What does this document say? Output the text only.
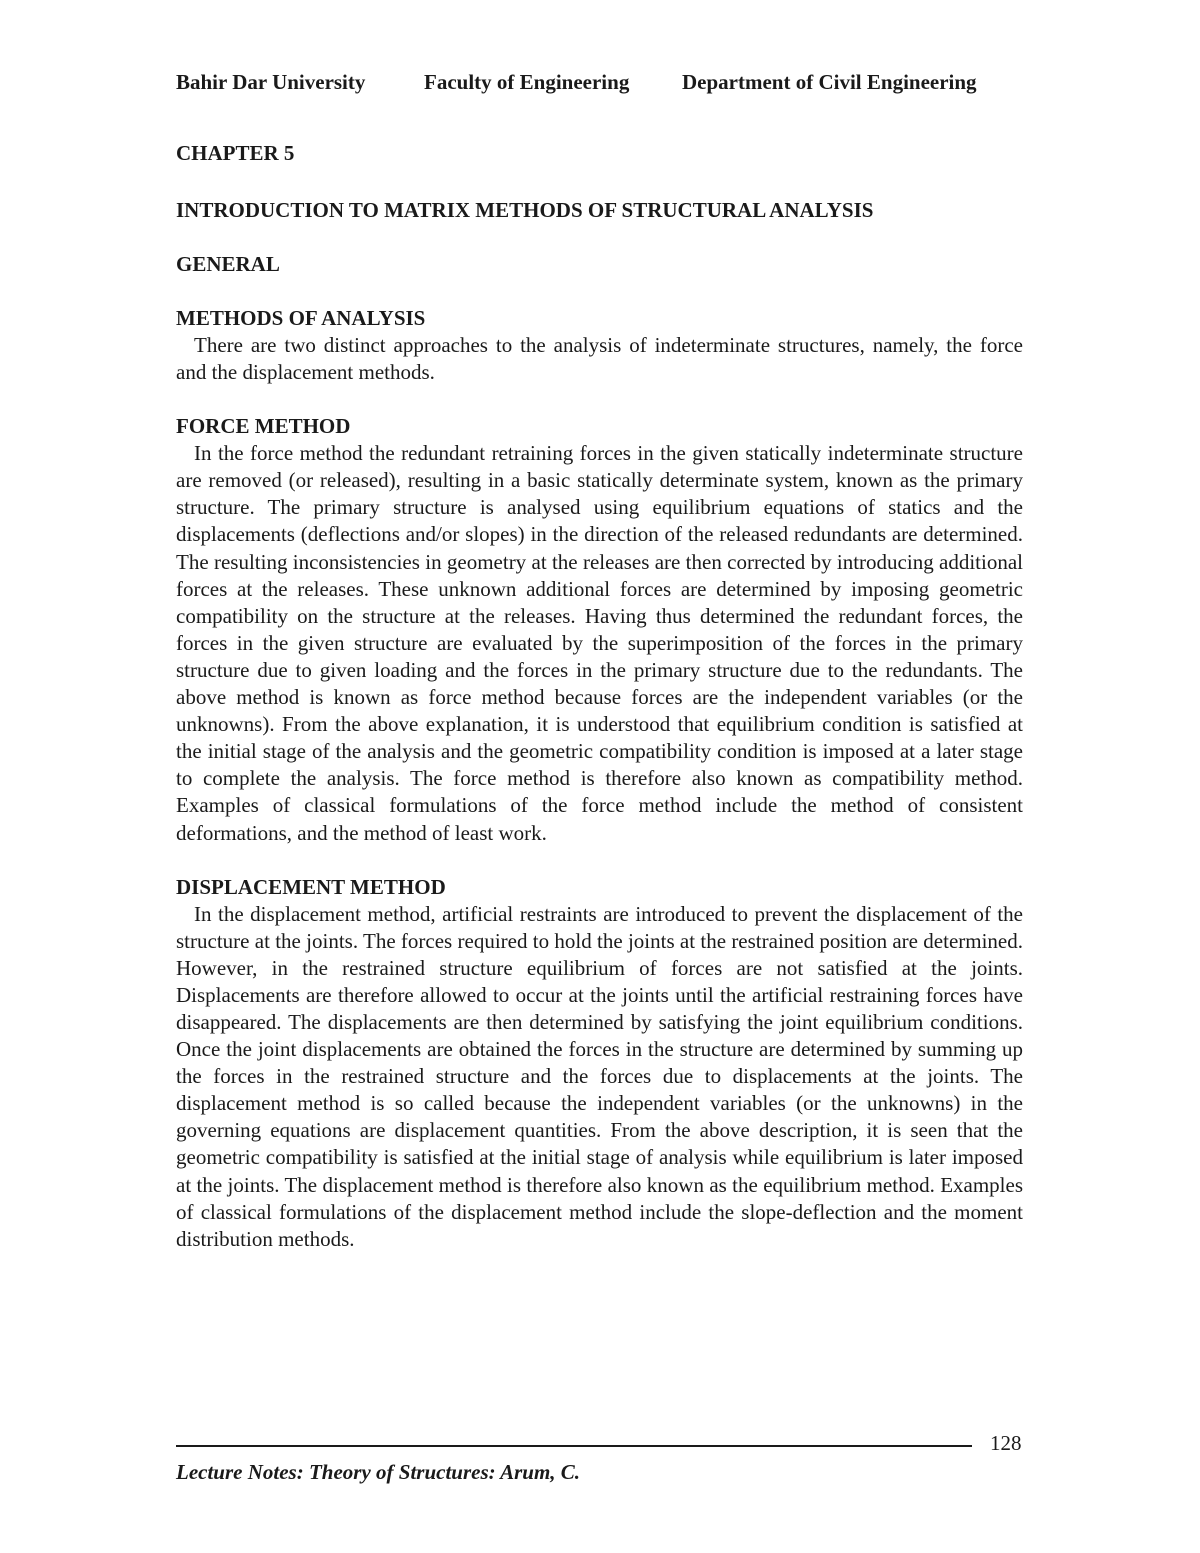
Bahir Dar University	Faculty of Engineering	Department of Civil Engineering

CHAPTER 5

INTRODUCTION TO MATRIX METHODS OF STRUCTURAL ANALYSIS

GENERAL

METHODS OF ANALYSIS

There are two distinct approaches to the analysis of indeterminate structures, namely, the force and the displacement methods.

FORCE METHOD

In the force method the redundant retraining forces in the given statically indeterminate structure are removed (or released), resulting in a basic statically determinate system, known as the primary structure. The primary structure is analysed using equilibrium equations of statics and the displacements (deflections and/or slopes) in the direction of the released redundants are determined. The resulting inconsistencies in geometry at the releases are then corrected by introducing additional forces at the releases. These unknown additional forces are determined by imposing geometric compatibility on the structure at the releases. Having thus determined the redundant forces, the forces in the given structure are evaluated by the superimposition of the forces in the primary structure due to given loading and the forces in the primary structure due to the redundants. The above method is known as force method because forces are the independent variables (or the unknowns). From the above explanation, it is understood that equilibrium condition is satisfied at the initial stage of the analysis and the geometric compatibility condition is imposed at a later stage to complete the analysis. The force method is therefore also known as compatibility method. Examples of classical formulations of the force method include the method of consistent deformations, and the method of least work.

DISPLACEMENT METHOD

In the displacement method, artificial restraints are introduced to prevent the displacement of the structure at the joints. The forces required to hold the joints at the restrained position are determined. However, in the restrained structure equilibrium of forces are not satisfied at the joints. Displacements are therefore allowed to occur at the joints until the artificial restraining forces have disappeared. The displacements are then determined by satisfying the joint equilibrium conditions. Once the joint displacements are obtained the forces in the structure are determined by summing up the forces in the restrained structure and the forces due to displacements at the joints. The displacement method is so called because the independent variables (or the unknowns) in the governing equations are displacement quantities. From the above description, it is seen that the geometric compatibility is satisfied at the initial stage of analysis while equilibrium is later imposed at the joints. The displacement method is therefore also known as the equilibrium method. Examples of classical formulations of the displacement method include the slope-deflection and the moment distribution methods.

128
Lecture Notes: Theory of Structures: Arum, C.
